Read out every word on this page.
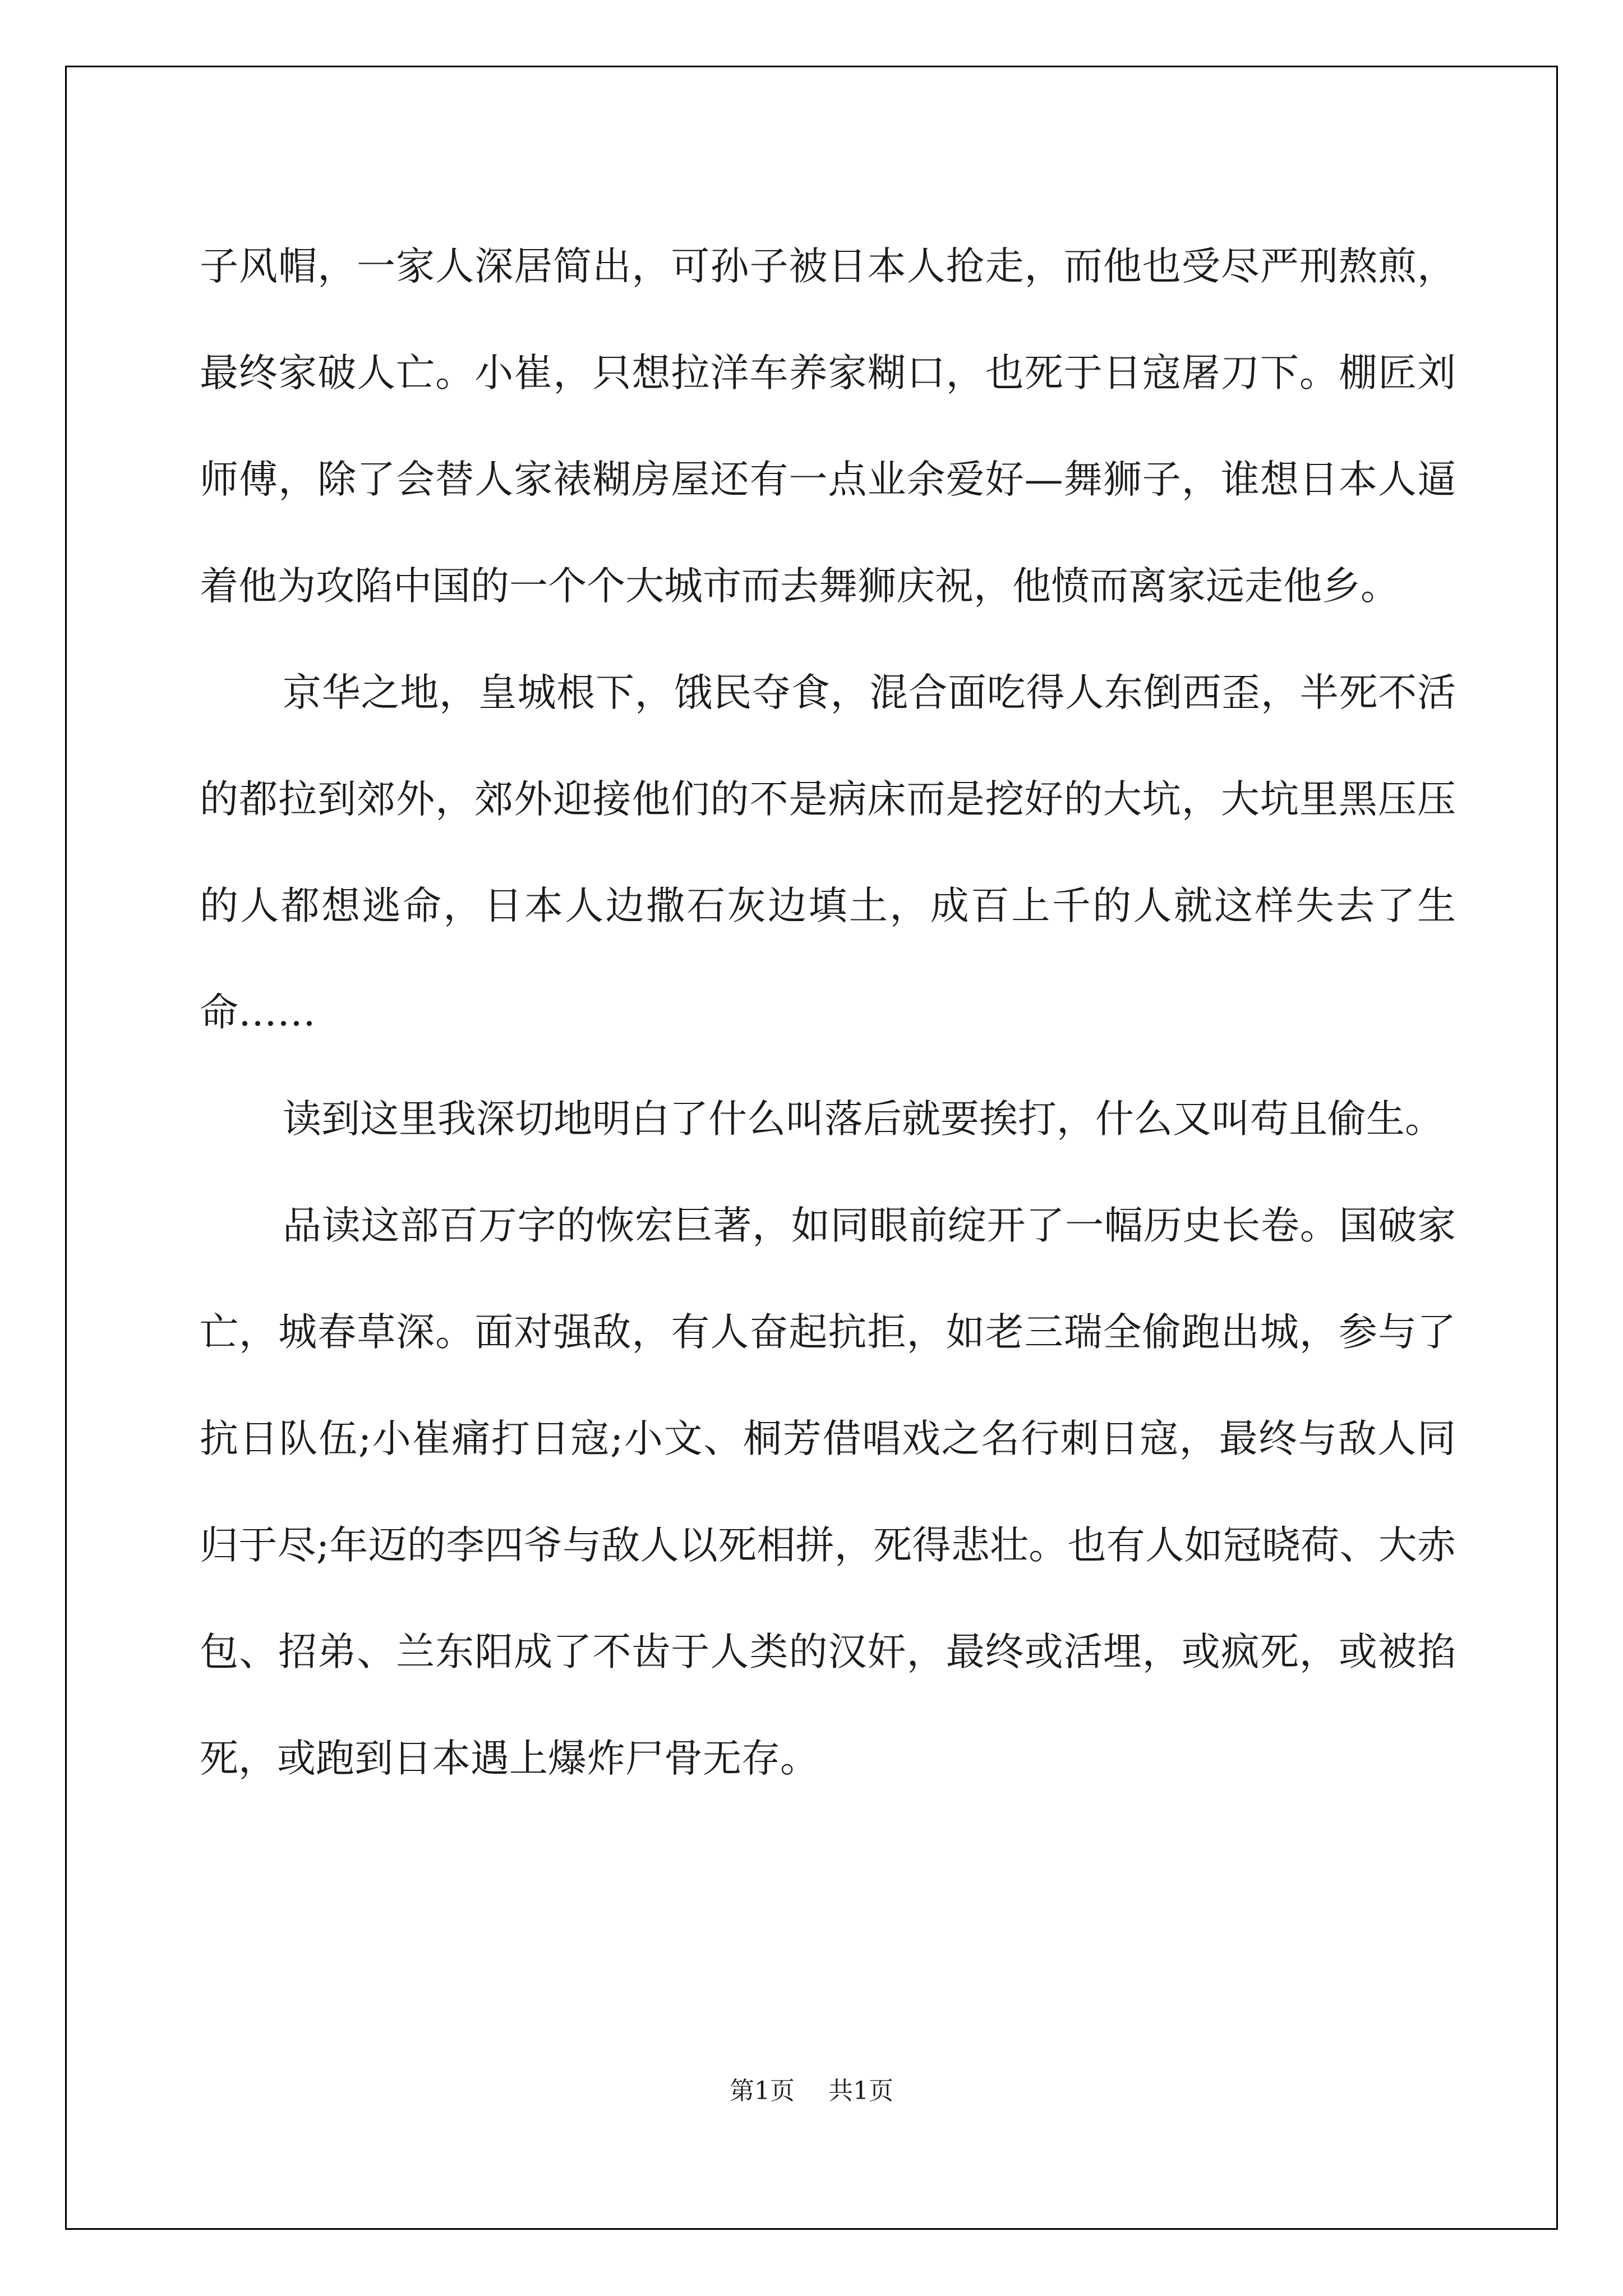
子风帽，一家人深居简出，可孙子被日本人抢走，而他也受尽严刑熬煎，最终家破人亡。小崔，只想拉洋车养家糊口，也死于日寇屠刀下。棚匠刘师傅，除了会替人家裱糊房屋还有一点业余爱好—舞狮子，谁想日本人逼着他为攻陷中国的一个个大城市而去舞狮庆祝，他愤而离家远走他乡。

京华之地，皇城根下，饿民夺食，混合面吃得人东倒西歪，半死不活的都拉到郊外，郊外迎接他们的不是病床而是挖好的大坑，大坑里黑压压的人都想逃命，日本人边撒石灰边填土，成百上千的人就这样失去了生命……

读到这里我深切地明白了什么叫落后就要挨打，什么又叫苟且偷生。

品读这部百万字的恢宏巨著，如同眼前绽开了一幅历史长卷。国破家亡，城春草深。面对强敌，有人奋起抗拒，如老三瑞全偷跑出城，参与了抗日队伍;小崔痛打日寇;小文、桐芳借唱戏之名行刺日寇，最终与敌人同归于尽;年迈的李四爷与敌人以死相拼，死得悲壮。也有人如冠晓荷、大赤包、招弟、兰东阳成了不齿于人类的汉奸，最终或活埋，或疯死，或被掐死，或跑到日本遇上爆炸尸骨无存。

第1页 共1页
